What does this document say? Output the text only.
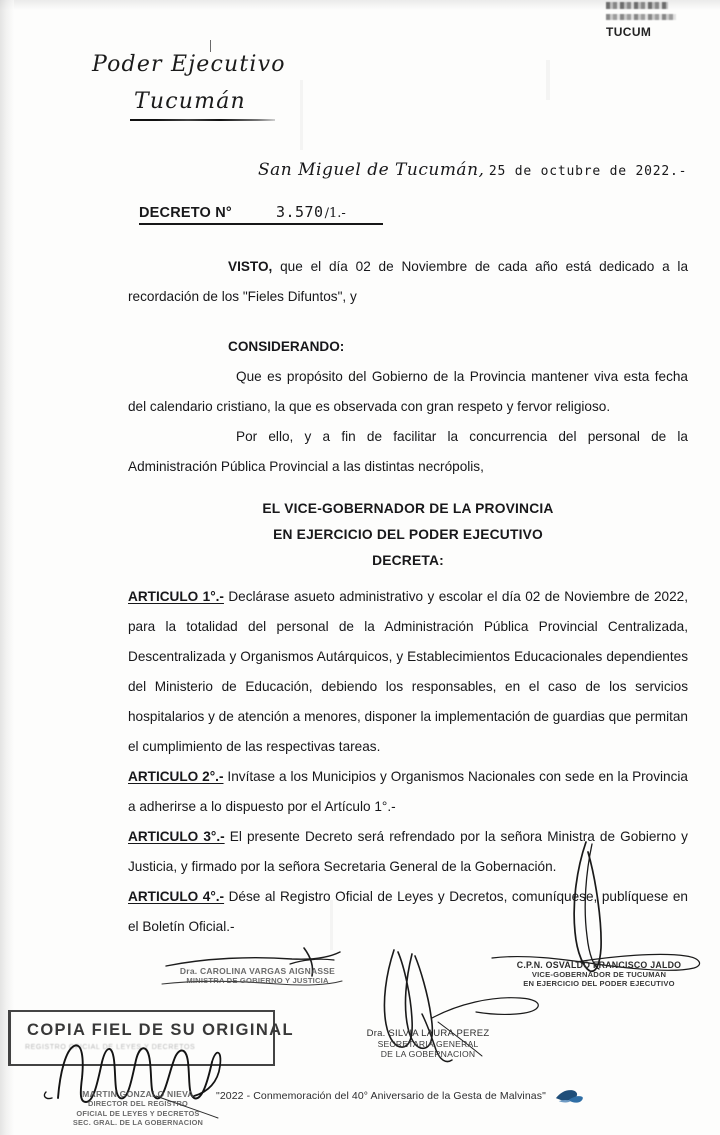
TUCUM
Poder Ejecutivo
Tucumán
San Miguel de Tucumán, 25 de octubre de 2022.-
DECRETO N°	3.570 /1.-

VISTO, que el día 02 de Noviembre de cada año está dedicado a la recordación de los "Fieles Difuntos", y

CONSIDERANDO:

Que es propósito del Gobierno de la Provincia mantener viva esta fecha del calendario cristiano, la que es observada con gran respeto y fervor religioso.

Por ello, y a fin de facilitar la concurrencia del personal de la Administración Pública Provincial a las distintas necrópolis,

EL VICE-GOBERNADOR DE LA PROVINCIA

EN EJERCICIO DEL PODER EJECUTIVO

DECRETA:

ARTICULO 1°.- Declárase asueto administrativo y escolar el día 02 de Noviembre de 2022, para la totalidad del personal de la Administración Pública Provincial Centralizada, Descentralizada y Organismos Autárquicos, y Establecimientos Educacionales dependientes del Ministerio de Educación, debiendo los responsables, en el caso de los servicios hospitalarios y de atención a menores, disponer la implementación de guardias que permitan el cumplimiento de las respectivas tareas.

ARTICULO 2°.- Invítase a los Municipios y Organismos Nacionales con sede en la Provincia a adherirse a lo dispuesto por el Artículo 1°.-

ARTICULO 3°.- El presente Decreto será refrendado por la señora Ministra de Gobierno y Justicia, y firmado por la señora Secretaria General de la Gobernación.

ARTICULO 4°.- Dése al Registro Oficial de Leyes y Decretos, comuníquese, publíquese en el Boletín Oficial.-

C.P.N. OSVALDO FRANCISCO JALDO
VICE-GOBERNADOR DE TUCUMAN
EN EJERCICIO DEL PODER EJECUTIVO
Dra. CAROLINA VARGAS AIGNASSE
MINISTRA DE GOBIERNO Y JUSTICIA
Dra. SILVIA LAURA PEREZ
SECRETARIA GENERAL
DE LA GOBERNACION
COPIA FIEL DE SU ORIGINAL
REGISTRO OFICIAL DE LEYES Y DECRETOS
MARTIN GONZALO NIEVA
DIRECTOR DEL REGISTRO
OFICIAL DE LEYES Y DECRETOS
SEC. GRAL. DE LA GOBERNACION
"2022 - Conmemoración del 40° Aniversario de la Gesta de Malvinas"
